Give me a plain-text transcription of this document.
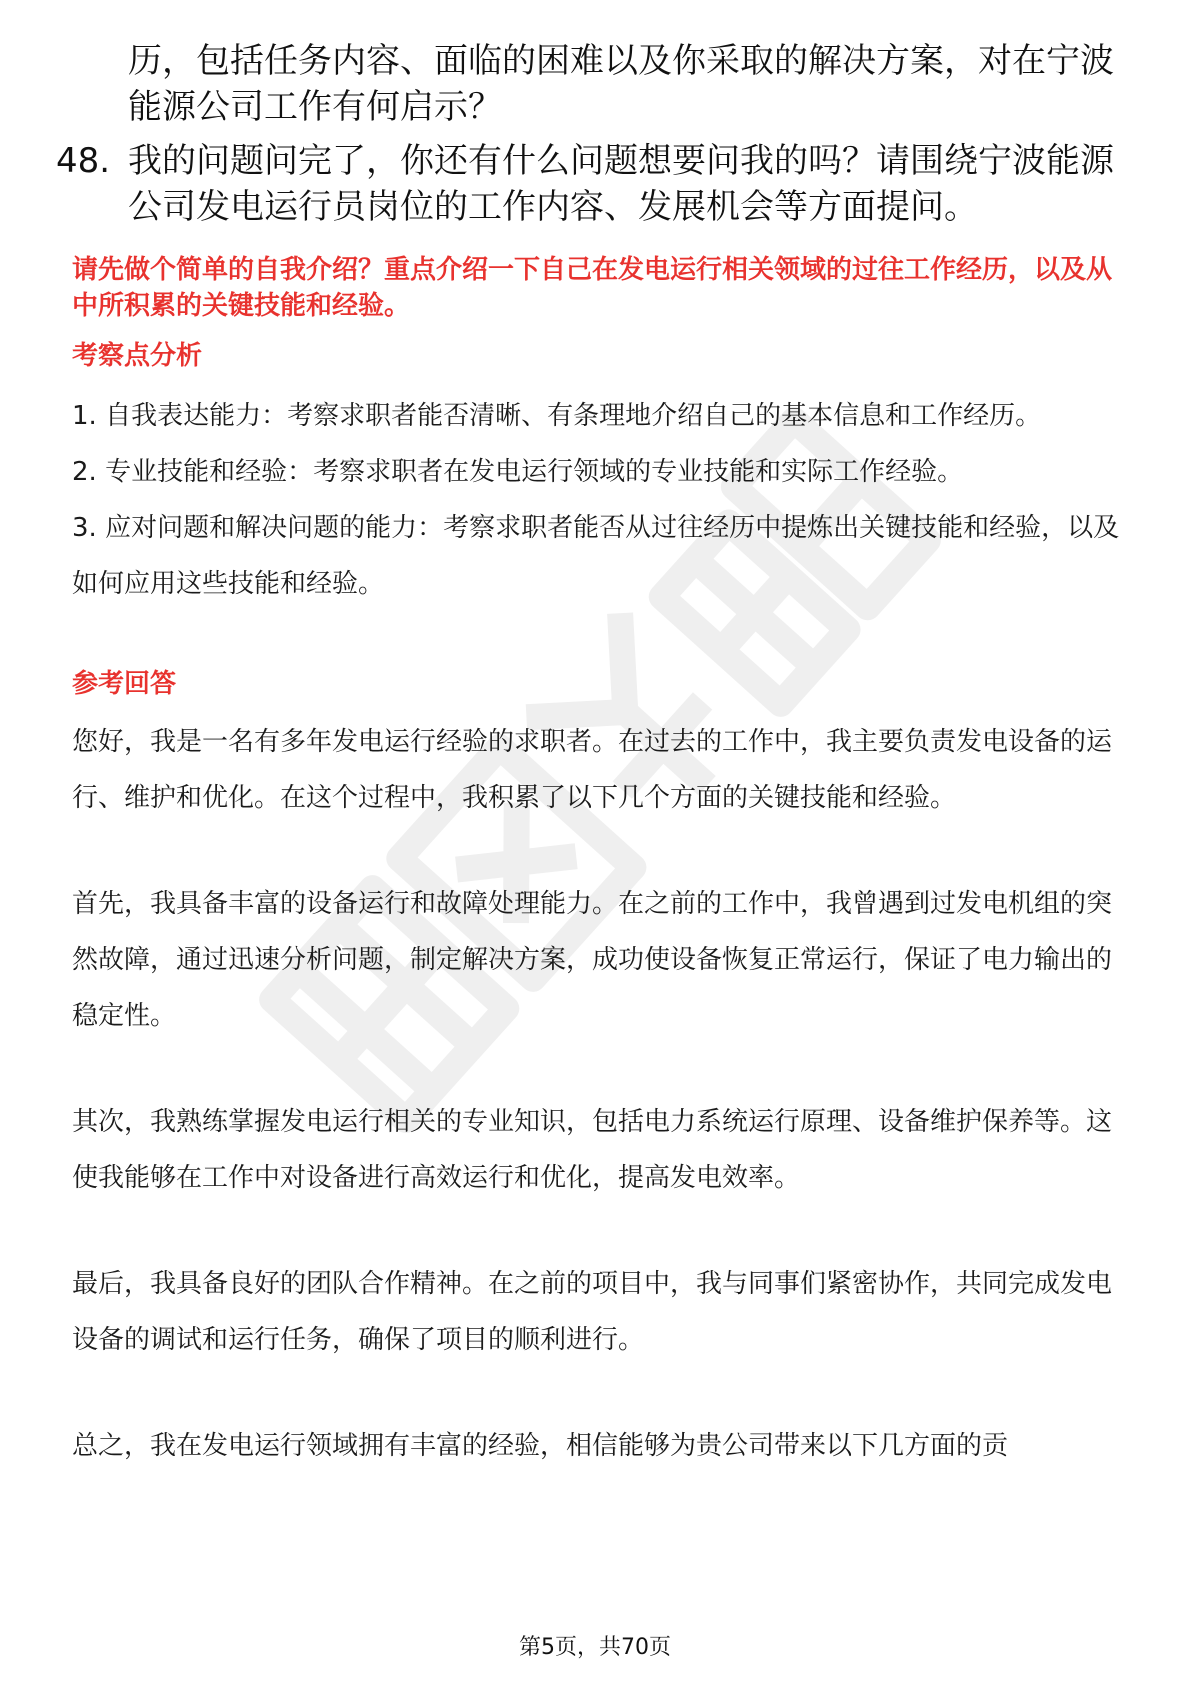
历，包括任务内容、面临的困难以及你采取的解决方案，对在宁波能源公司工作有何启示？
48. 我的问题问完了，你还有什么问题想要问我的吗？请围绕宁波能源公司发电运行员岗位的工作内容、发展机会等方面提问。
请先做个简单的自我介绍？重点介绍一下自己在发电运行相关领域的过往工作经历，以及从中所积累的关键技能和经验。
考察点分析
1. 自我表达能力：考察求职者能否清晰、有条理地介绍自己的基本信息和工作经历。
2. 专业技能和经验：考察求职者在发电运行领域的专业技能和实际工作经验。
3. 应对问题和解决问题的能力：考察求职者能否从过往经历中提炼出关键技能和经验，以及如何应用这些技能和经验。
参考回答
您好，我是一名有多年发电运行经验的求职者。在过去的工作中，我主要负责发电设备的运行、维护和优化。在这个过程中，我积累了以下几个方面的关键技能和经验。
首先，我具备丰富的设备运行和故障处理能力。在之前的工作中，我曾遇到过发电机组的突然故障，通过迅速分析问题，制定解决方案，成功使设备恢复正常运行，保证了电力输出的稳定性。
其次，我熟练掌握发电运行相关的专业知识，包括电力系统运行原理、设备维护保养等。这使我能够在工作中对设备进行高效运行和优化，提高发电效率。
最后，我具备良好的团队合作精神。在之前的项目中，我与同事们紧密协作，共同完成发电设备的调试和运行任务，确保了项目的顺利进行。
总之，我在发电运行领域拥有丰富的经验，相信能够为贵公司带来以下几方面的贡
第5页，共70页
